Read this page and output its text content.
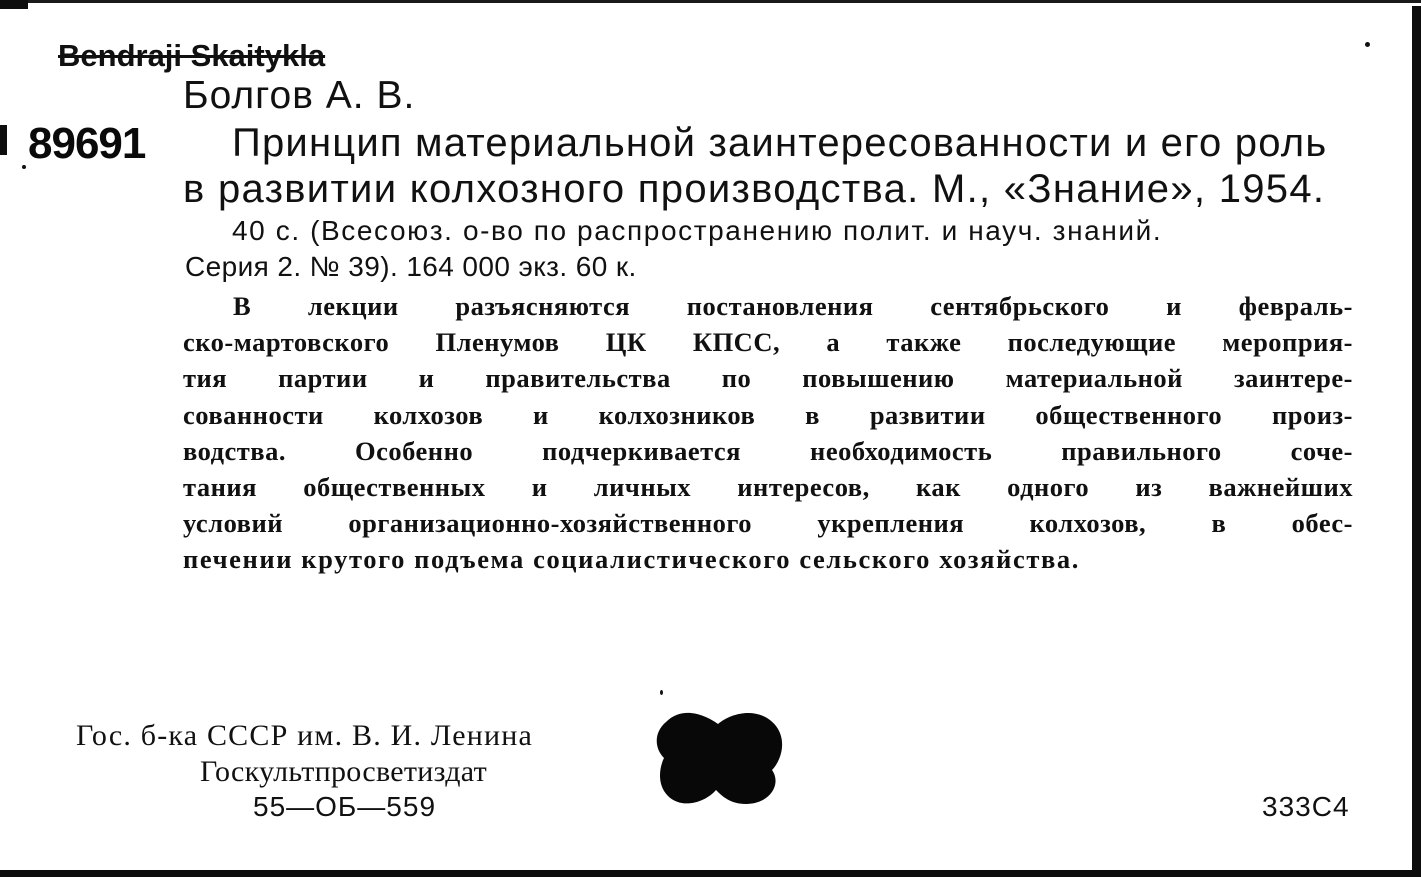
Bendraji Skaitykla
Болгов А. В.
89691 Принцип материальной заинтересованности и его роль
в развитии колхозного производства. М., «Знание», 1954.
40 с. (Всесоюз. о-во по распространению полит. и науч. знаний.
Серия 2. № 39). 164 000 экз. 60 к.
В лекции разъясняются постановления сентябрьского и февраль-
ско-мартовского Пленумов ЦК КПСС, а также последующие мероприя-
тия партии и правительства по повышению материальной заинтере-
сованности колхозов и колхозников в развитии общественного произ-
водства. Особенно подчеркивается необходимость правильного соче-
тания общественных и личных интересов, как одного из важнейших
условий организационно-хозяйственного укрепления колхозов, в обес-
печении крутого подъема социалистического сельского хозяйства.
Гос. б-ка СССР им. В. И. Ленина
Госкультпросветиздат
55—ОБ—559	333С4
